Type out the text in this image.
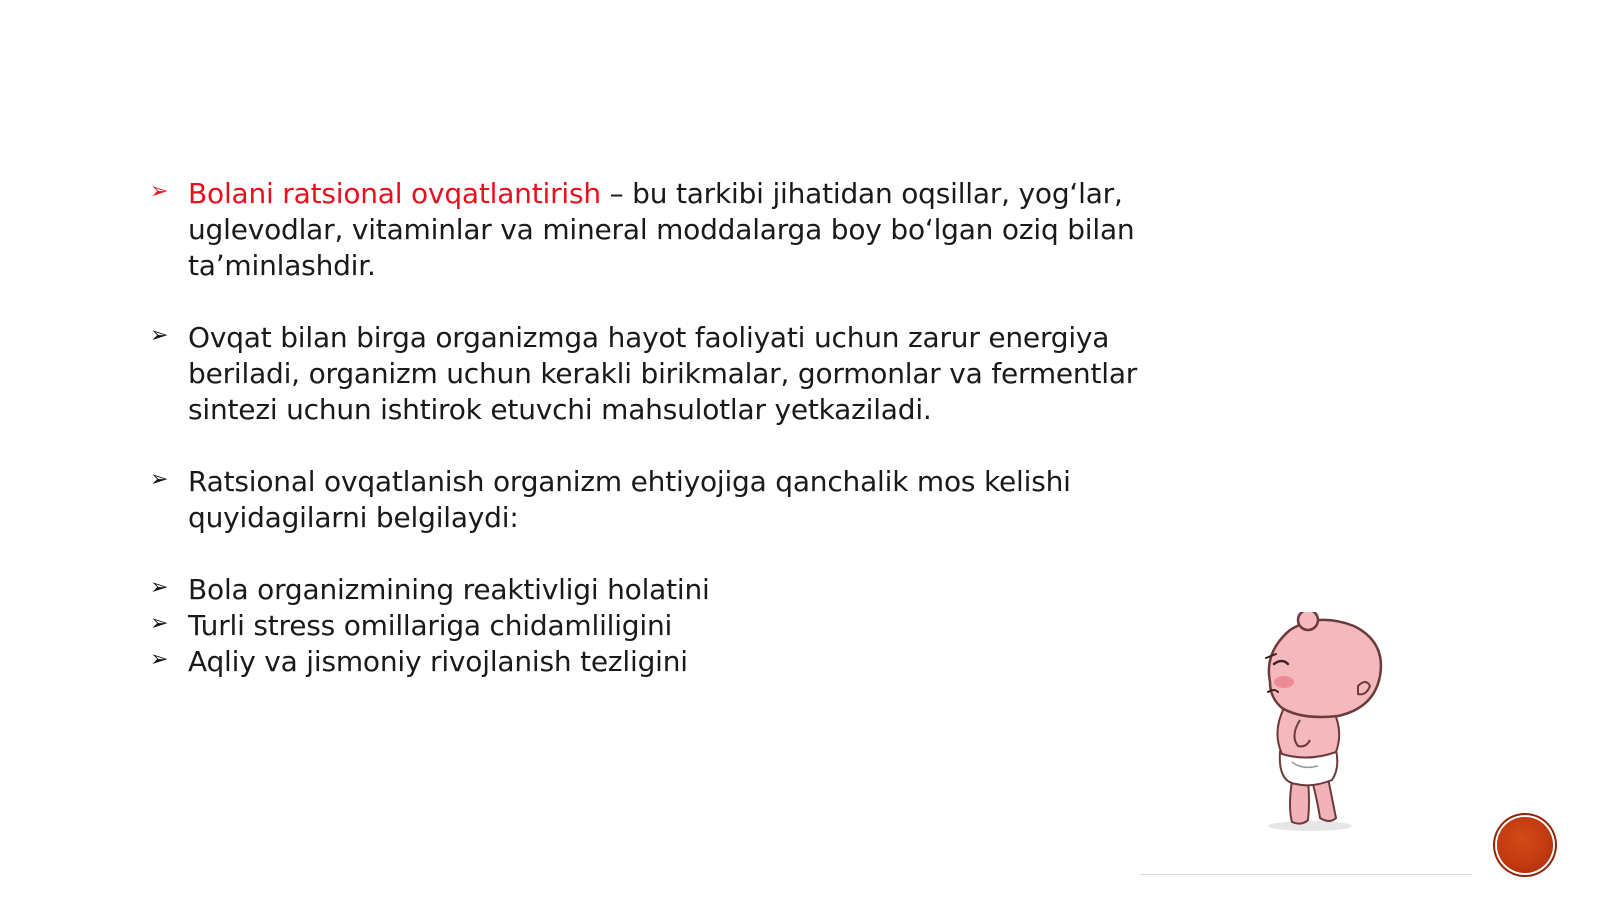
➢ Bolani ratsional ovqatlantirish – bu tarkibi jihatidan oqsillar, yogʻlar, uglevodlar, vitaminlar va mineral moddalarga boy boʻlgan oziq bilan taʼminlashdir.
➢ Ovqat bilan birga organizmga hayot faoliyati uchun zarur energiya beriladi, organizm uchun kerakli birikmalar, gormonlar va fermentlar sintezi uchun ishtirok etuvchi mahsulotlar yetkaziladi.
➢ Ratsional ovqatlanish organizm ehtiyojiga qanchalik mos kelishi quyidagilarni belgilaydi:
➢ Bola organizmining reaktivligi holatini
➢ Turli stress omillariga chidamliligini
➢ Aqliy va jismoniy rivojlanish tezligini
